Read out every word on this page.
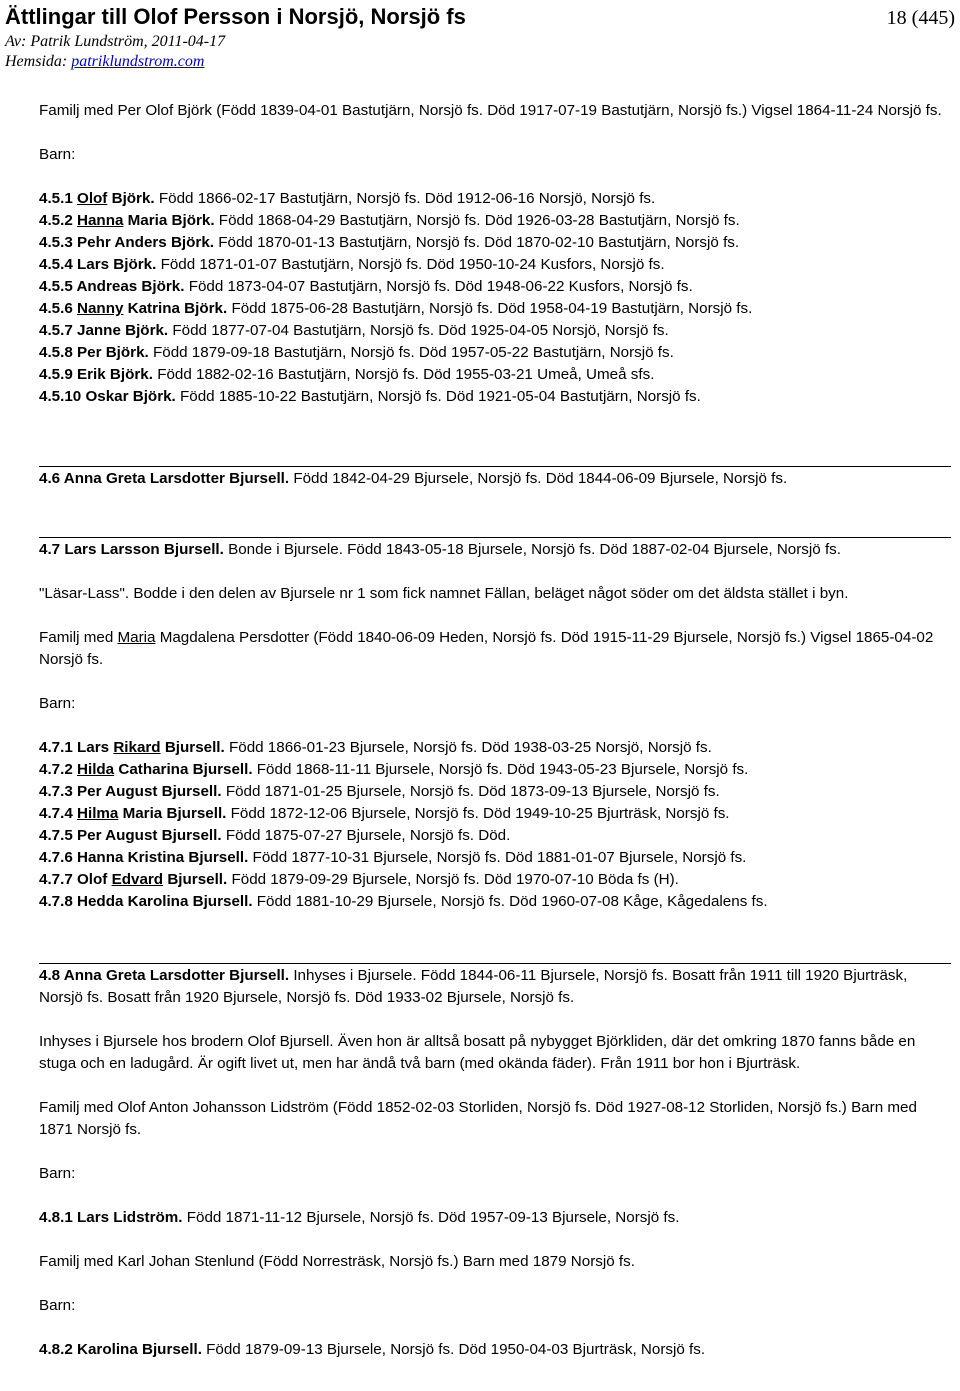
Ättlingar till Olof Persson i Norsjö, Norsjö fs	18 (445)
Av: Patrik Lundström, 2011-04-17
Hemsida: patriklundstrom.com

Familj med Per Olof Björk (Född 1839-04-01 Bastutjärn, Norsjö fs. Död 1917-07-19 Bastutjärn, Norsjö fs.) Vigsel 1864-11-24 Norsjö fs.

Barn:

4.5.1 Olof Björk. Född 1866-02-17 Bastutjärn, Norsjö fs. Död 1912-06-16 Norsjö, Norsjö fs.

4.5.2 Hanna Maria Björk. Född 1868-04-29 Bastutjärn, Norsjö fs. Död 1926-03-28 Bastutjärn, Norsjö fs.

4.5.3 Pehr Anders Björk. Född 1870-01-13 Bastutjärn, Norsjö fs. Död 1870-02-10 Bastutjärn, Norsjö fs.

4.5.4 Lars Björk. Född 1871-01-07 Bastutjärn, Norsjö fs. Död 1950-10-24 Kusfors, Norsjö fs.

4.5.5 Andreas Björk. Född 1873-04-07 Bastutjärn, Norsjö fs. Död 1948-06-22 Kusfors, Norsjö fs.

4.5.6 Nanny Katrina Björk. Född 1875-06-28 Bastutjärn, Norsjö fs. Död 1958-04-19 Bastutjärn, Norsjö fs.

4.5.7 Janne Björk. Född 1877-07-04 Bastutjärn, Norsjö fs. Död 1925-04-05 Norsjö, Norsjö fs.

4.5.8 Per Björk. Född 1879-09-18 Bastutjärn, Norsjö fs. Död 1957-05-22 Bastutjärn, Norsjö fs.

4.5.9 Erik Björk. Född 1882-02-16 Bastutjärn, Norsjö fs. Död 1955-03-21 Umeå, Umeå sfs.

4.5.10 Oskar Björk. Född 1885-10-22 Bastutjärn, Norsjö fs. Död 1921-05-04 Bastutjärn, Norsjö fs.

4.6 Anna Greta Larsdotter Bjursell. Född 1842-04-29 Bjursele, Norsjö fs. Död 1844-06-09 Bjursele, Norsjö fs.

4.7 Lars Larsson Bjursell. Bonde i Bjursele. Född 1843-05-18 Bjursele, Norsjö fs. Död 1887-02-04 Bjursele, Norsjö fs.

"Läsar-Lass". Bodde i den delen av Bjursele nr 1 som fick namnet Fällan, beläget något söder om det äldsta stället i byn.

Familj med Maria Magdalena Persdotter (Född 1840-06-09 Heden, Norsjö fs. Död 1915-11-29 Bjursele, Norsjö fs.) Vigsel 1865-04-02 Norsjö fs.

Barn:

4.7.1 Lars Rikard Bjursell. Född 1866-01-23 Bjursele, Norsjö fs. Död 1938-03-25 Norsjö, Norsjö fs.

4.7.2 Hilda Catharina Bjursell. Född 1868-11-11 Bjursele, Norsjö fs. Död 1943-05-23 Bjursele, Norsjö fs.

4.7.3 Per August Bjursell. Född 1871-01-25 Bjursele, Norsjö fs. Död 1873-09-13 Bjursele, Norsjö fs.

4.7.4 Hilma Maria Bjursell. Född 1872-12-06 Bjursele, Norsjö fs. Död 1949-10-25 Bjurträsk, Norsjö fs.

4.7.5 Per August Bjursell. Född 1875-07-27 Bjursele, Norsjö fs. Död.

4.7.6 Hanna Kristina Bjursell. Född 1877-10-31 Bjursele, Norsjö fs. Död 1881-01-07 Bjursele, Norsjö fs.

4.7.7 Olof Edvard Bjursell. Född 1879-09-29 Bjursele, Norsjö fs. Död 1970-07-10 Böda fs (H).

4.7.8 Hedda Karolina Bjursell. Född 1881-10-29 Bjursele, Norsjö fs. Död 1960-07-08 Kåge, Kågedalens fs.

4.8 Anna Greta Larsdotter Bjursell. Inhyses i Bjursele. Född 1844-06-11 Bjursele, Norsjö fs. Bosatt från 1911 till 1920 Bjurträsk, Norsjö fs. Bosatt från 1920 Bjursele, Norsjö fs. Död 1933-02 Bjursele, Norsjö fs.

Inhyses i Bjursele hos brodern Olof Bjursell. Även hon är alltså bosatt på nybygget Björkliden, där det omkring 1870 fanns både en stuga och en ladugård. Är ogift livet ut, men har ändå två barn (med okända fäder). Från 1911 bor hon i Bjurträsk.

Familj med Olof Anton Johansson Lidström (Född 1852-02-03 Storliden, Norsjö fs. Död 1927-08-12 Storliden, Norsjö fs.) Barn med 1871 Norsjö fs.

Barn:

4.8.1 Lars Lidström. Född 1871-11-12 Bjursele, Norsjö fs. Död 1957-09-13 Bjursele, Norsjö fs.

Familj med Karl Johan Stenlund (Född Norresträsk, Norsjö fs.) Barn med 1879 Norsjö fs.

Barn:

4.8.2 Karolina Bjursell. Född 1879-09-13 Bjursele, Norsjö fs. Död 1950-04-03 Bjurträsk, Norsjö fs.
